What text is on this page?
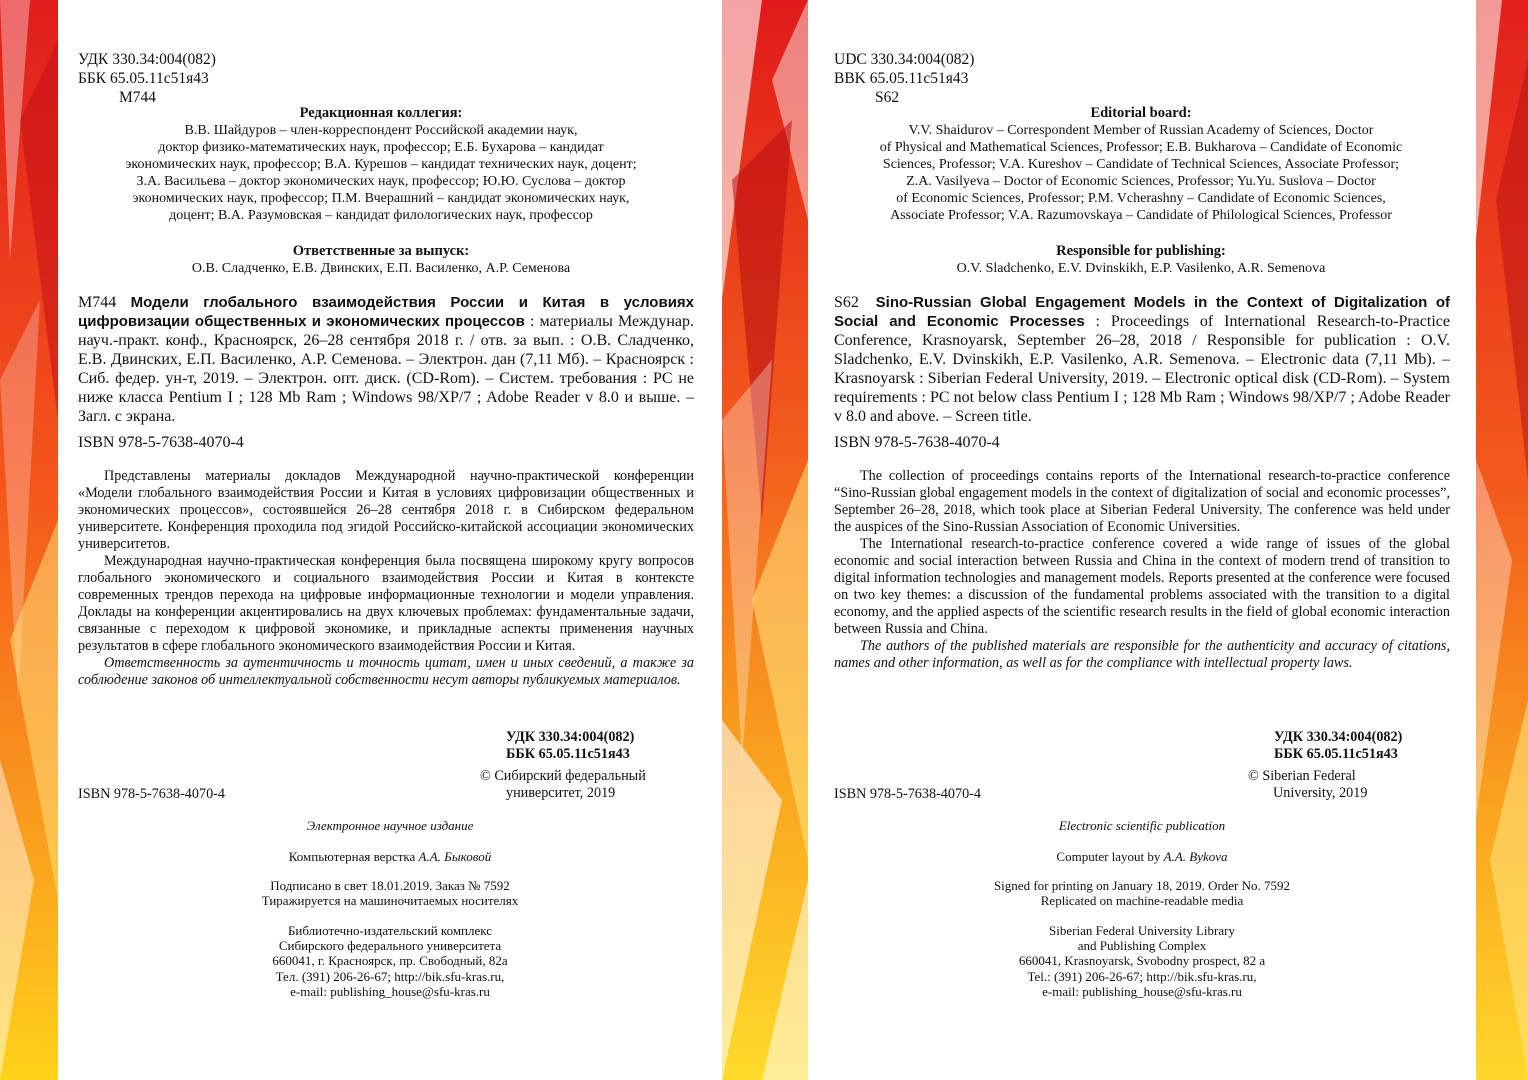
УДК 330.34:004(082)
ББК 65.05.11с51я43
М744
Редакционная коллегия:
В.В. Шайдуров – член-корреспондент Российской академии наук,
доктор физико-математических наук, профессор; Е.Б. Бухарова – кандидат
экономических наук, профессор; В.А. Курешов – кандидат технических наук, доцент;
З.А. Васильева – доктор экономических наук, профессор; Ю.Ю. Суслова – доктор
экономических наук, профессор; П.М. Вчерашний – кандидат экономических наук,
доцент; В.А. Разумовская – кандидат филологических наук, профессор
Ответственные за выпуск:
О.В. Сладченко, Е.В. Двинских, Е.П. Василенко, А.Р. Семенова
М744 Модели глобального взаимодействия России и Китая в условиях цифровизации общественных и экономических процессов : материалы Междунар. науч.-практ. конф., Красноярск, 26–28 сентября 2018 г. / отв. за вып. : О.В. Сладченко, Е.В. Двинских, Е.П. Василенко, А.Р. Семенова. – Электрон. дан (7,11 Мб). – Красноярск : Сиб. федер. ун-т, 2019. – Электрон. опт. диск. (CD-Rom). – Систем. требования : PC не ниже класса Pentium I ; 128 Mb Ram ; Windows 98/XP/7 ; Adobe Reader v 8.0 и выше. – Загл. с экрана.
ISBN 978-5-7638-4070-4

Представлены материалы докладов Международной научно-практической конференции «Модели глобального взаимодействия России и Китая в условиях цифровизации общественных и экономических процессов», состоявшейся 26–28 сентября 2018 г. в Сибирском федеральном университете. Конференция проходила под эгидой Российско-китайской ассоциации экономических университетов.

Международная научно-практическая конференция была посвящена широкому кругу вопросов глобального экономического и социального взаимодействия России и Китая в контексте современных трендов перехода на цифровые информационные технологии и модели управления. Доклады на конференции акцентировались на двух ключевых проблемах: фундаментальные задачи, связанные с переходом к цифровой экономике, и прикладные аспекты применения научных результатов в сфере глобального экономического взаимодействия России и Китая.

Ответственность за аутентичность и точность цитат, имен и иных сведений, а также за соблюдение законов об интеллектуальной собственности несут авторы публикуемых материалов.

УДК 330.34:004(082)
ББК 65.05.11с51я43
© Сибирский федеральный
университет, 2019
ISBN 978-5-7638-4070-4
Электронное научное издание
Компьютерная верстка А.А. Быковой
Подписано в свет 18.01.2019. Заказ № 7592
Тиражируется на машиночитаемых носителях
Библиотечно-издательский комплекс
Сибирского федерального университета
660041, г. Красноярск, пр. Свободный, 82а
Тел. (391) 206-26-67; http://bik.sfu-kras.ru,
e-mail: publishing_house@sfu-kras.ru
UDC 330.34:004(082)
BBK 65.05.11c51я43
S62
Editorial board:
V.V. Shaidurov – Correspondent Member of Russian Academy of Sciences, Doctor
of Physical and Mathematical Sciences, Professor; E.B. Bukharova – Candidate of Economic
Sciences, Professor; V.A. Kureshov – Candidate of Technical Sciences, Associate Professor;
Z.A. Vasilyeva – Doctor of Economic Sciences, Professor; Yu.Yu. Suslova – Doctor
of Economic Sciences, Professor; P.M. Vcherashny – Candidate of Economic Sciences,
Associate Professor; V.A. Razumovskaya – Candidate of Philological Sciences, Professor
Responsible for publishing:
O.V. Sladchenko, E.V. Dvinskikh, E.P. Vasilenko, A.R. Semenova
S62 Sino-Russian Global Engagement Models in the Context of Digitalization of Social and Economic Processes : Proceedings of International Research-to-Practice Conference, Krasnoyarsk, September 26–28, 2018 / Responsible for publication : O.V. Sladchenko, E.V. Dvinskikh, E.P. Vasilenko, A.R. Semenova. – Electronic data (7,11 Mb). – Krasnoyarsk : Siberian Federal University, 2019. – Electronic optical disk (CD-Rom). – System requirements : PC not below class Pentium I ; 128 Mb Ram ; Windows 98/XP/7 ; Adobe Reader v 8.0 and above. – Screen title.
ISBN 978-5-7638-4070-4

The collection of proceedings contains reports of the International research-to-practice conference “Sino-Russian global engagement models in the context of digitalization of social and economic processes”, September 26–28, 2018, which took place at Siberian Federal University. The conference was held under the auspices of the Sino-Russian Association of Economic Universities.

The International research-to-practice conference covered a wide range of issues of the global economic and social interaction between Russia and China in the context of modern trend of transition to digital information technologies and management models. Reports presented at the conference were focused on two key themes: a discussion of the fundamental problems associated with the transition to a digital economy, and the applied aspects of the scientific research results in the field of global economic interaction between Russia and China.

The authors of the published materials are responsible for the authenticity and accuracy of citations, names and other information, as well as for the compliance with intellectual property laws.

УДК 330.34:004(082)
ББК 65.05.11с51я43
© Siberian Federal
University, 2019
ISBN 978-5-7638-4070-4
Electronic scientific publication
Computer layout by A.A. Bykova
Signed for printing on January 18, 2019. Order No. 7592
Replicated on machine-readable media
Siberian Federal University Library
and Publishing Complex
660041, Krasnoyarsk, Svobodny prospect, 82 a
Tel.: (391) 206-26-67; http://bik.sfu-kras.ru,
e-mail: publishing_house@sfu-kras.ru
